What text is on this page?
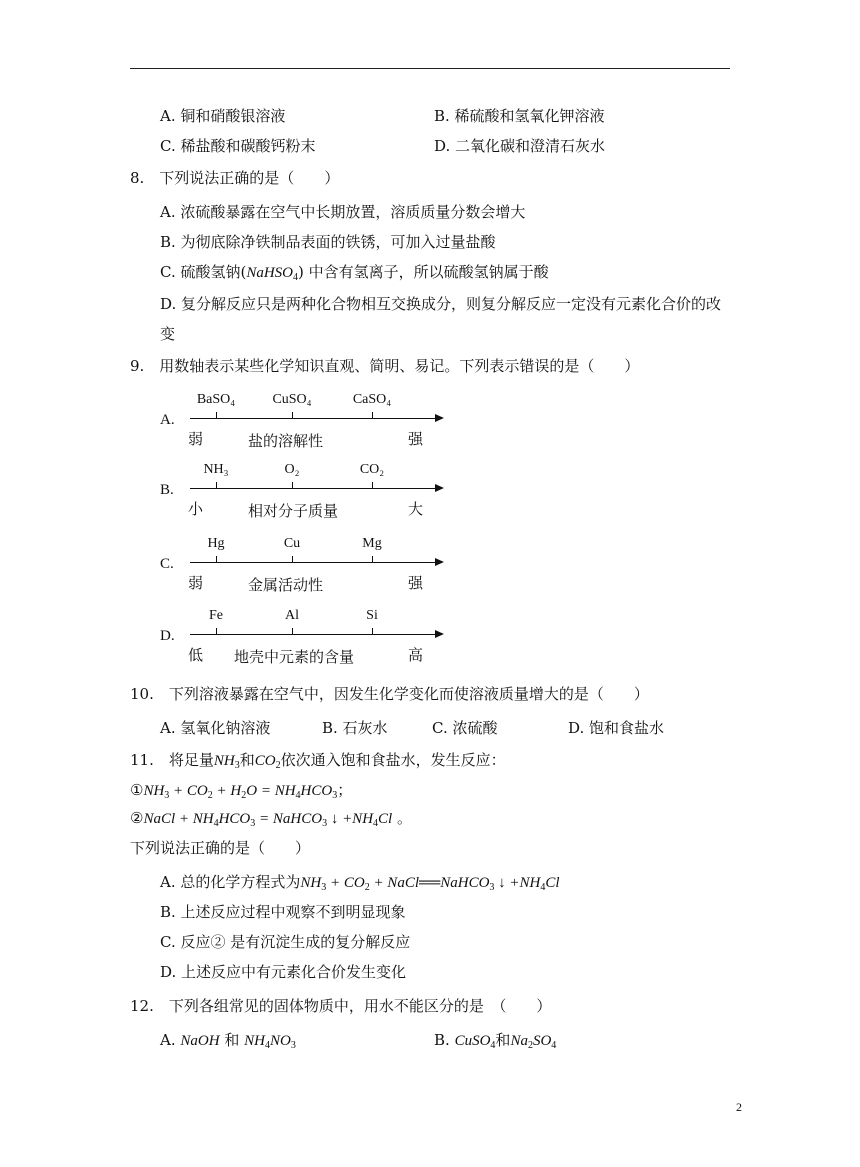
A. 铜和硝酸银溶液	B. 稀硫酸和氢氧化钾溶液
C. 稀盐酸和碳酸钙粉末	D. 二氧化碳和澄清石灰水
8.　下列说法正确的是（　　）
A. 浓硫酸暴露在空气中长期放置，溶质质量分数会增大
B. 为彻底除净铁制品表面的铁锈，可加入过量盐酸
C. 硫酸氢钠(NaHSO$_4$) 中含有氢离子，所以硫酸氢钠属于酸
D. 复分解反应只是两种化合物相互交换成分，则复分解反应一定没有元素化合价的改
变
9.　用数轴表示某些化学知识直观、简明、易记。下列表示错误的是（　　）
A.
BaSO₄	CuSO₄	CaSO₄
弱	盐的溶解性	强
B.
NH₃	O₂	CO₂
小	相对分子质量	大
C.
Hg	Cu	Mg
弱	金属活动性	强
D.
Fe	Al	Si
低 地壳中元素的含量	高
10.　下列溶液暴露在空气中，因发生化学变化而使溶液质量增大的是（　　）
A. 氢氧化钠溶液	B. 石灰水	C. 浓硫酸	D. 饱和食盐水
11.　将足量$NH_3$和$CO_2$依次通入饱和食盐水，发生反应：
$①NH_3 + CO_2 + H_2O = NH_4HCO_3$；
②NaCl + $NH_4HCO_3$ = NaHCO$_3$ ↓ $+NH_4Cl$ 。
下列说法正确的是（　　）
A. 总的化学方程式为$NH_3 + CO_2$ + NaCl══NaHCO$_3$ ↓ $+NH_4Cl$
B. 上述反应过程中观察不到明显现象
C. 反应② 是有沉淀生成的复分解反应
D. 上述反应中有元素化合价发生变化
12.　下列各组常见的固体物质中，用水不能区分的是　（　　）
A. NaOH 和 $NH_4NO_3$	B. CuSO$_4$和$Na_2SO_4$
2
